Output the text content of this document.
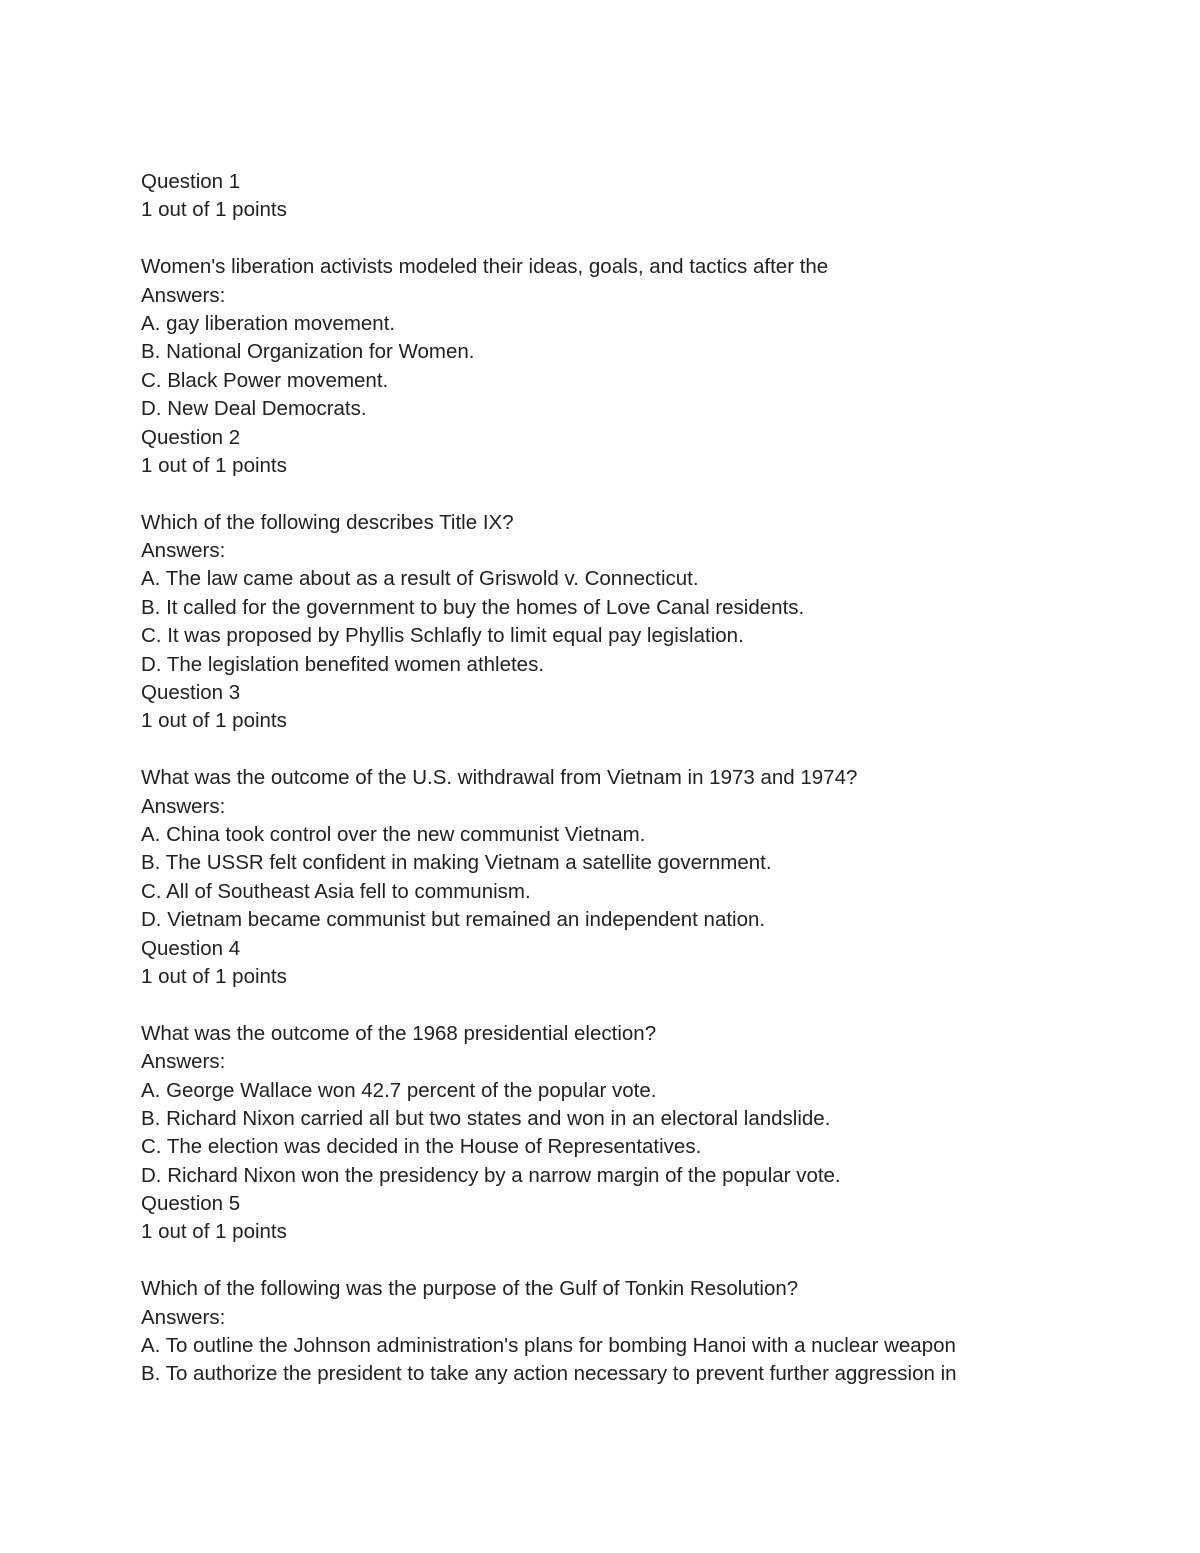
Question 1
1 out of 1 points
Women's liberation activists modeled their ideas, goals, and tactics after the
Answers:
A. gay liberation movement.
B. National Organization for Women.
C. Black Power movement.
D. New Deal Democrats.
Question 2
1 out of 1 points
Which of the following describes Title IX?
Answers:
A. The law came about as a result of Griswold v. Connecticut.
B. It called for the government to buy the homes of Love Canal residents.
C. It was proposed by Phyllis Schlafly to limit equal pay legislation.
D. The legislation benefited women athletes.
Question 3
1 out of 1 points
What was the outcome of the U.S. withdrawal from Vietnam in 1973 and 1974?
Answers:
A. China took control over the new communist Vietnam.
B. The USSR felt confident in making Vietnam a satellite government.
C. All of Southeast Asia fell to communism.
D. Vietnam became communist but remained an independent nation.
Question 4
1 out of 1 points
What was the outcome of the 1968 presidential election?
Answers:
A. George Wallace won 42.7 percent of the popular vote.
B. Richard Nixon carried all but two states and won in an electoral landslide.
C. The election was decided in the House of Representatives.
D. Richard Nixon won the presidency by a narrow margin of the popular vote.
Question 5
1 out of 1 points
Which of the following was the purpose of the Gulf of Tonkin Resolution?
Answers:
A. To outline the Johnson administration's plans for bombing Hanoi with a nuclear weapon
B. To authorize the president to take any action necessary to prevent further aggression in
